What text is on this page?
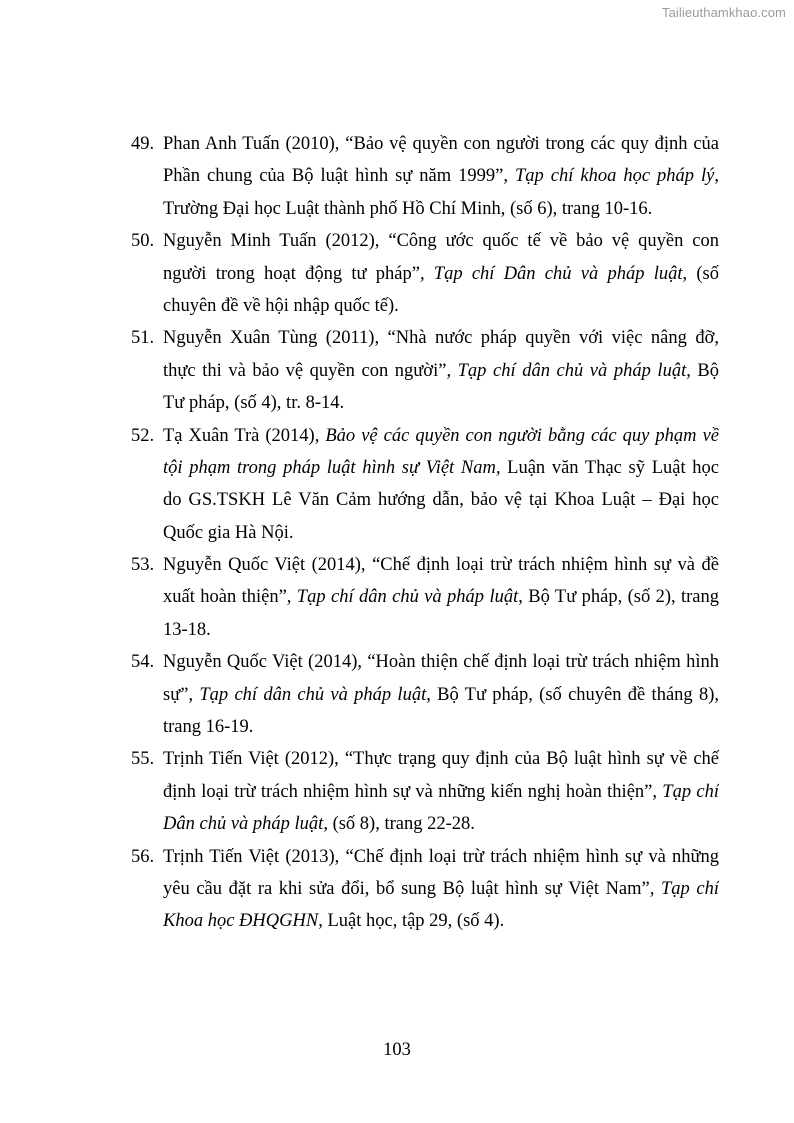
Tailieuthamkhao.com
49. Phan Anh Tuấn (2010), “Bảo vệ quyền con người trong các quy định của
Phần chung của Bộ luật hình sự năm 1999”, Tạp chí khoa học pháp lý,
Trường Đại học Luật thành phố Hồ Chí Minh, (số 6), trang 10-16.
50. Nguyễn Minh Tuấn (2012), “Công ước quốc tế về bảo vệ quyền con
người trong hoạt động tư pháp”, Tạp chí Dân chủ và pháp luật, (số
chuyên đề về hội nhập quốc tế).
51. Nguyễn Xuân Tùng (2011), “Nhà nước pháp quyền với việc nâng đỡ,
thực thi và bảo vệ quyền con người”, Tạp chí dân chủ và pháp luật, Bộ
Tư pháp, (số 4), tr. 8-14.
52. Tạ Xuân Trà (2014), Bảo vệ các quyền con người bằng các quy phạm về
tội phạm trong pháp luật hình sự Việt Nam, Luận văn Thạc sỹ Luật học
do GS.TSKH Lê Văn Cảm hướng dẫn, bảo vệ tại Khoa Luật – Đại học
Quốc gia Hà Nội.
53. Nguyễn Quốc Việt (2014), “Chế định loại trừ trách nhiệm hình sự và đề
xuất hoàn thiện”, Tạp chí dân chủ và pháp luật, Bộ Tư pháp, (số 2), trang
13-18.
54. Nguyễn Quốc Việt (2014), “Hoàn thiện chế định loại trừ trách nhiệm hình
sự”, Tạp chí dân chủ và pháp luật, Bộ Tư pháp, (số chuyên đề tháng 8),
trang 16-19.
55. Trịnh Tiến Việt (2012), “Thực trạng quy định của Bộ luật hình sự về chế
định loại trừ trách nhiệm hình sự và những kiến nghị hoàn thiện”, Tạp chí
Dân chủ và pháp luật, (số 8), trang 22-28.
56. Trịnh Tiến Việt (2013), “Chế định loại trừ trách nhiệm hình sự và những
yêu cầu đặt ra khi sửa đổi, bổ sung Bộ luật hình sự Việt Nam”, Tạp chí
Khoa học ĐHQGHN, Luật học, tập 29, (số 4).
103
